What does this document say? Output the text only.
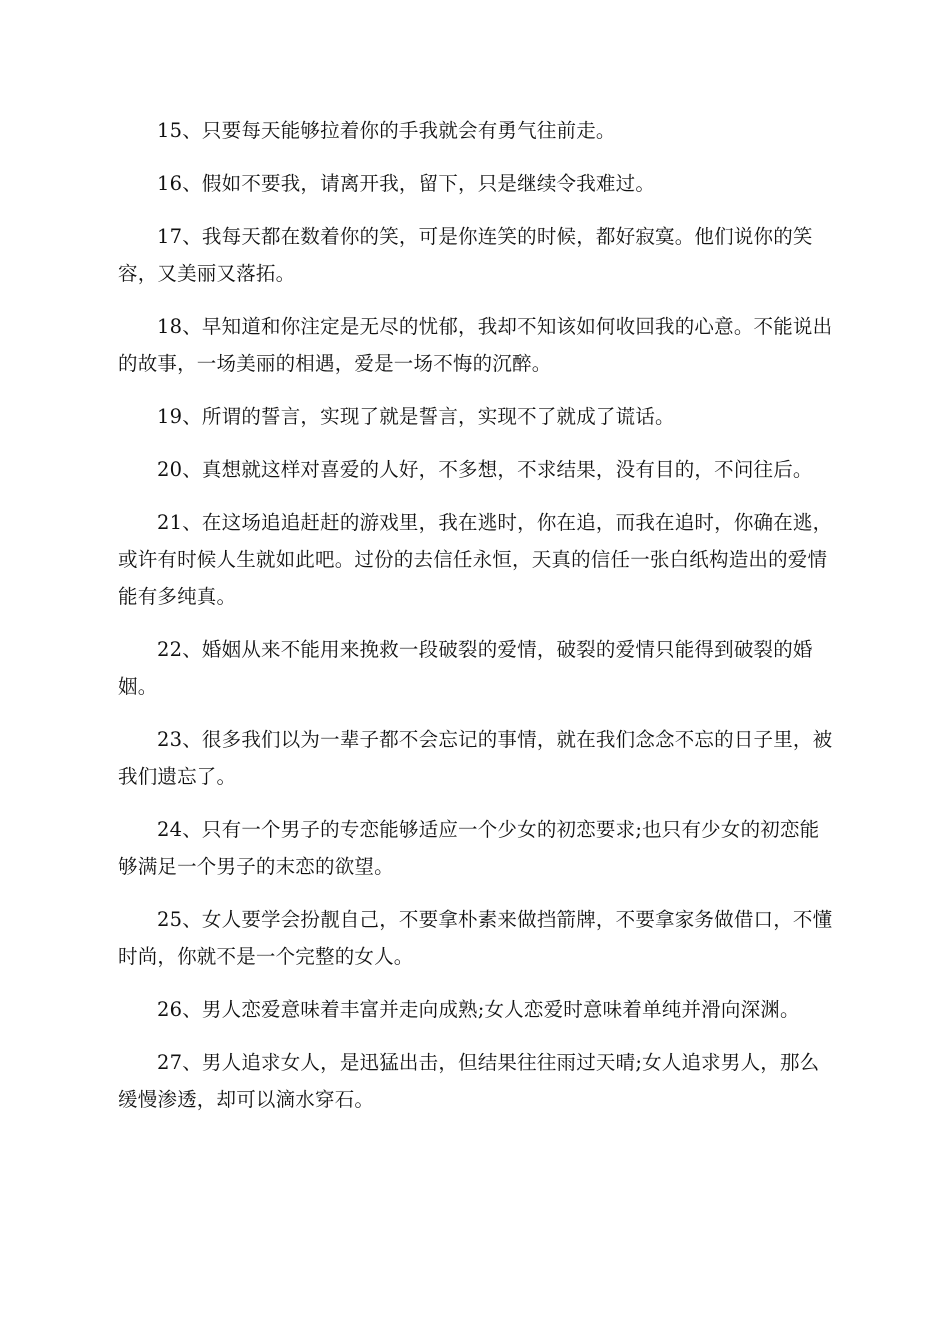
15、只要每天能够拉着你的手我就会有勇气往前走。

16、假如不要我，请离开我，留下，只是继续令我难过。

17、我每天都在数着你的笑，可是你连笑的时候，都好寂寞。他们说你的笑容，又美丽又落拓。

18、早知道和你注定是无尽的忧郁，我却不知该如何收回我的心意。不能说出的故事，一场美丽的相遇，爱是一场不悔的沉醉。

19、所谓的誓言，实现了就是誓言，实现不了就成了谎话。

20、真想就这样对喜爱的人好，不多想，不求结果，没有目的，不问往后。

21、在这场追追赶赶的游戏里，我在逃时，你在追，而我在追时，你确在逃，或许有时候人生就如此吧。过份的去信任永恒，天真的信任一张白纸构造出的爱情能有多纯真。

22、婚姻从来不能用来挽救一段破裂的爱情，破裂的爱情只能得到破裂的婚姻。

23、很多我们以为一辈子都不会忘记的事情，就在我们念念不忘的日子里，被我们遗忘了。

24、只有一个男子的专恋能够适应一个少女的初恋要求;也只有少女的初恋能够满足一个男子的末恋的欲望。

25、女人要学会扮靓自己，不要拿朴素来做挡箭牌，不要拿家务做借口，不懂时尚，你就不是一个完整的女人。

26、男人恋爱意味着丰富并走向成熟;女人恋爱时意味着单纯并滑向深渊。

27、男人追求女人，是迅猛出击，但结果往往雨过天晴;女人追求男人，那么缓慢渗透，却可以滴水穿石。
